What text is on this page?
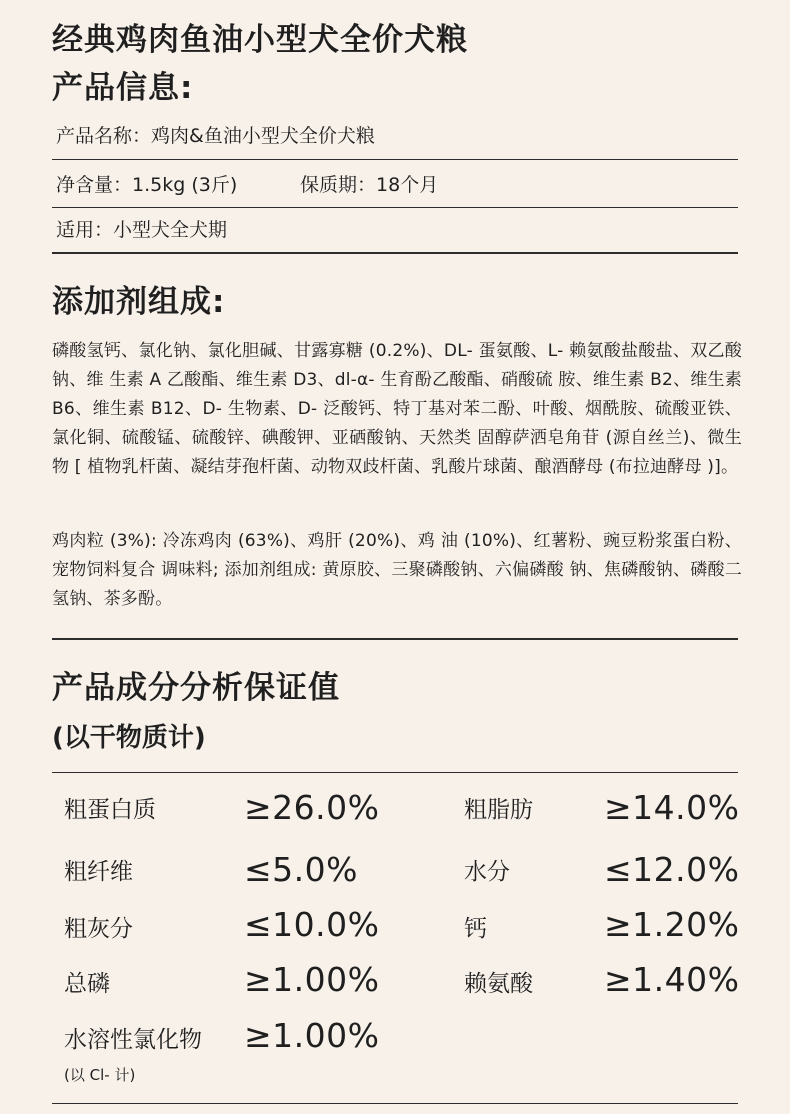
经典鸡肉鱼油小型犬全价犬粮
产品信息:
产品名称：鸡肉&鱼油小型犬全价犬粮
净含量：1.5kg (3斤)	保质期：18个月
适用：小型犬全犬期
添加剂组成:
磷酸氢钙、氯化钠、氯化胆碱、甘露寡糖 (0.2%)、DL- 蛋氨酸、L- 赖氨酸盐酸盐、双乙酸钠、维 生素 A 乙酸酯、维生素 D3、dl-α- 生育酚乙酸酯、硝酸硫 胺、维生素 B2、维生素 B6、维生素 B12、D- 生物素、D- 泛酸钙、特丁基对苯二酚、叶酸、烟酰胺、硫酸亚铁、氯化铜、硫酸锰、硫酸锌、碘酸钾、亚硒酸钠、天然类 固醇萨洒皂角苷 (源自丝兰)、微生物 [ 植物乳杆菌、凝结芽孢杆菌、动物双歧杆菌、乳酸片球菌、酿酒酵母 (布拉迪酵母 )]。
鸡肉粒 (3%): 冷冻鸡肉 (63%)、鸡肝 (20%)、鸡 油 (10%)、红薯粉、豌豆粉浆蛋白粉、宠物饲料复合 调味料; 添加剂组成: 黄原胶、三聚磷酸钠、六偏磷酸 钠、焦磷酸钠、磷酸二氢钠、茶多酚。
产品成分分析保证值
(以干物质计)
粗蛋白质	≥26.0%	粗脂肪 ≥14.0%
粗纤维	≤5.0%	水分	≤12.0%
粗灰分	≤10.0%	钙	≥1.20%
总磷	≥1.00%	赖氨酸 ≥1.40%
水溶性氯化物 ≥1.00%
(以 Cl- 计)
